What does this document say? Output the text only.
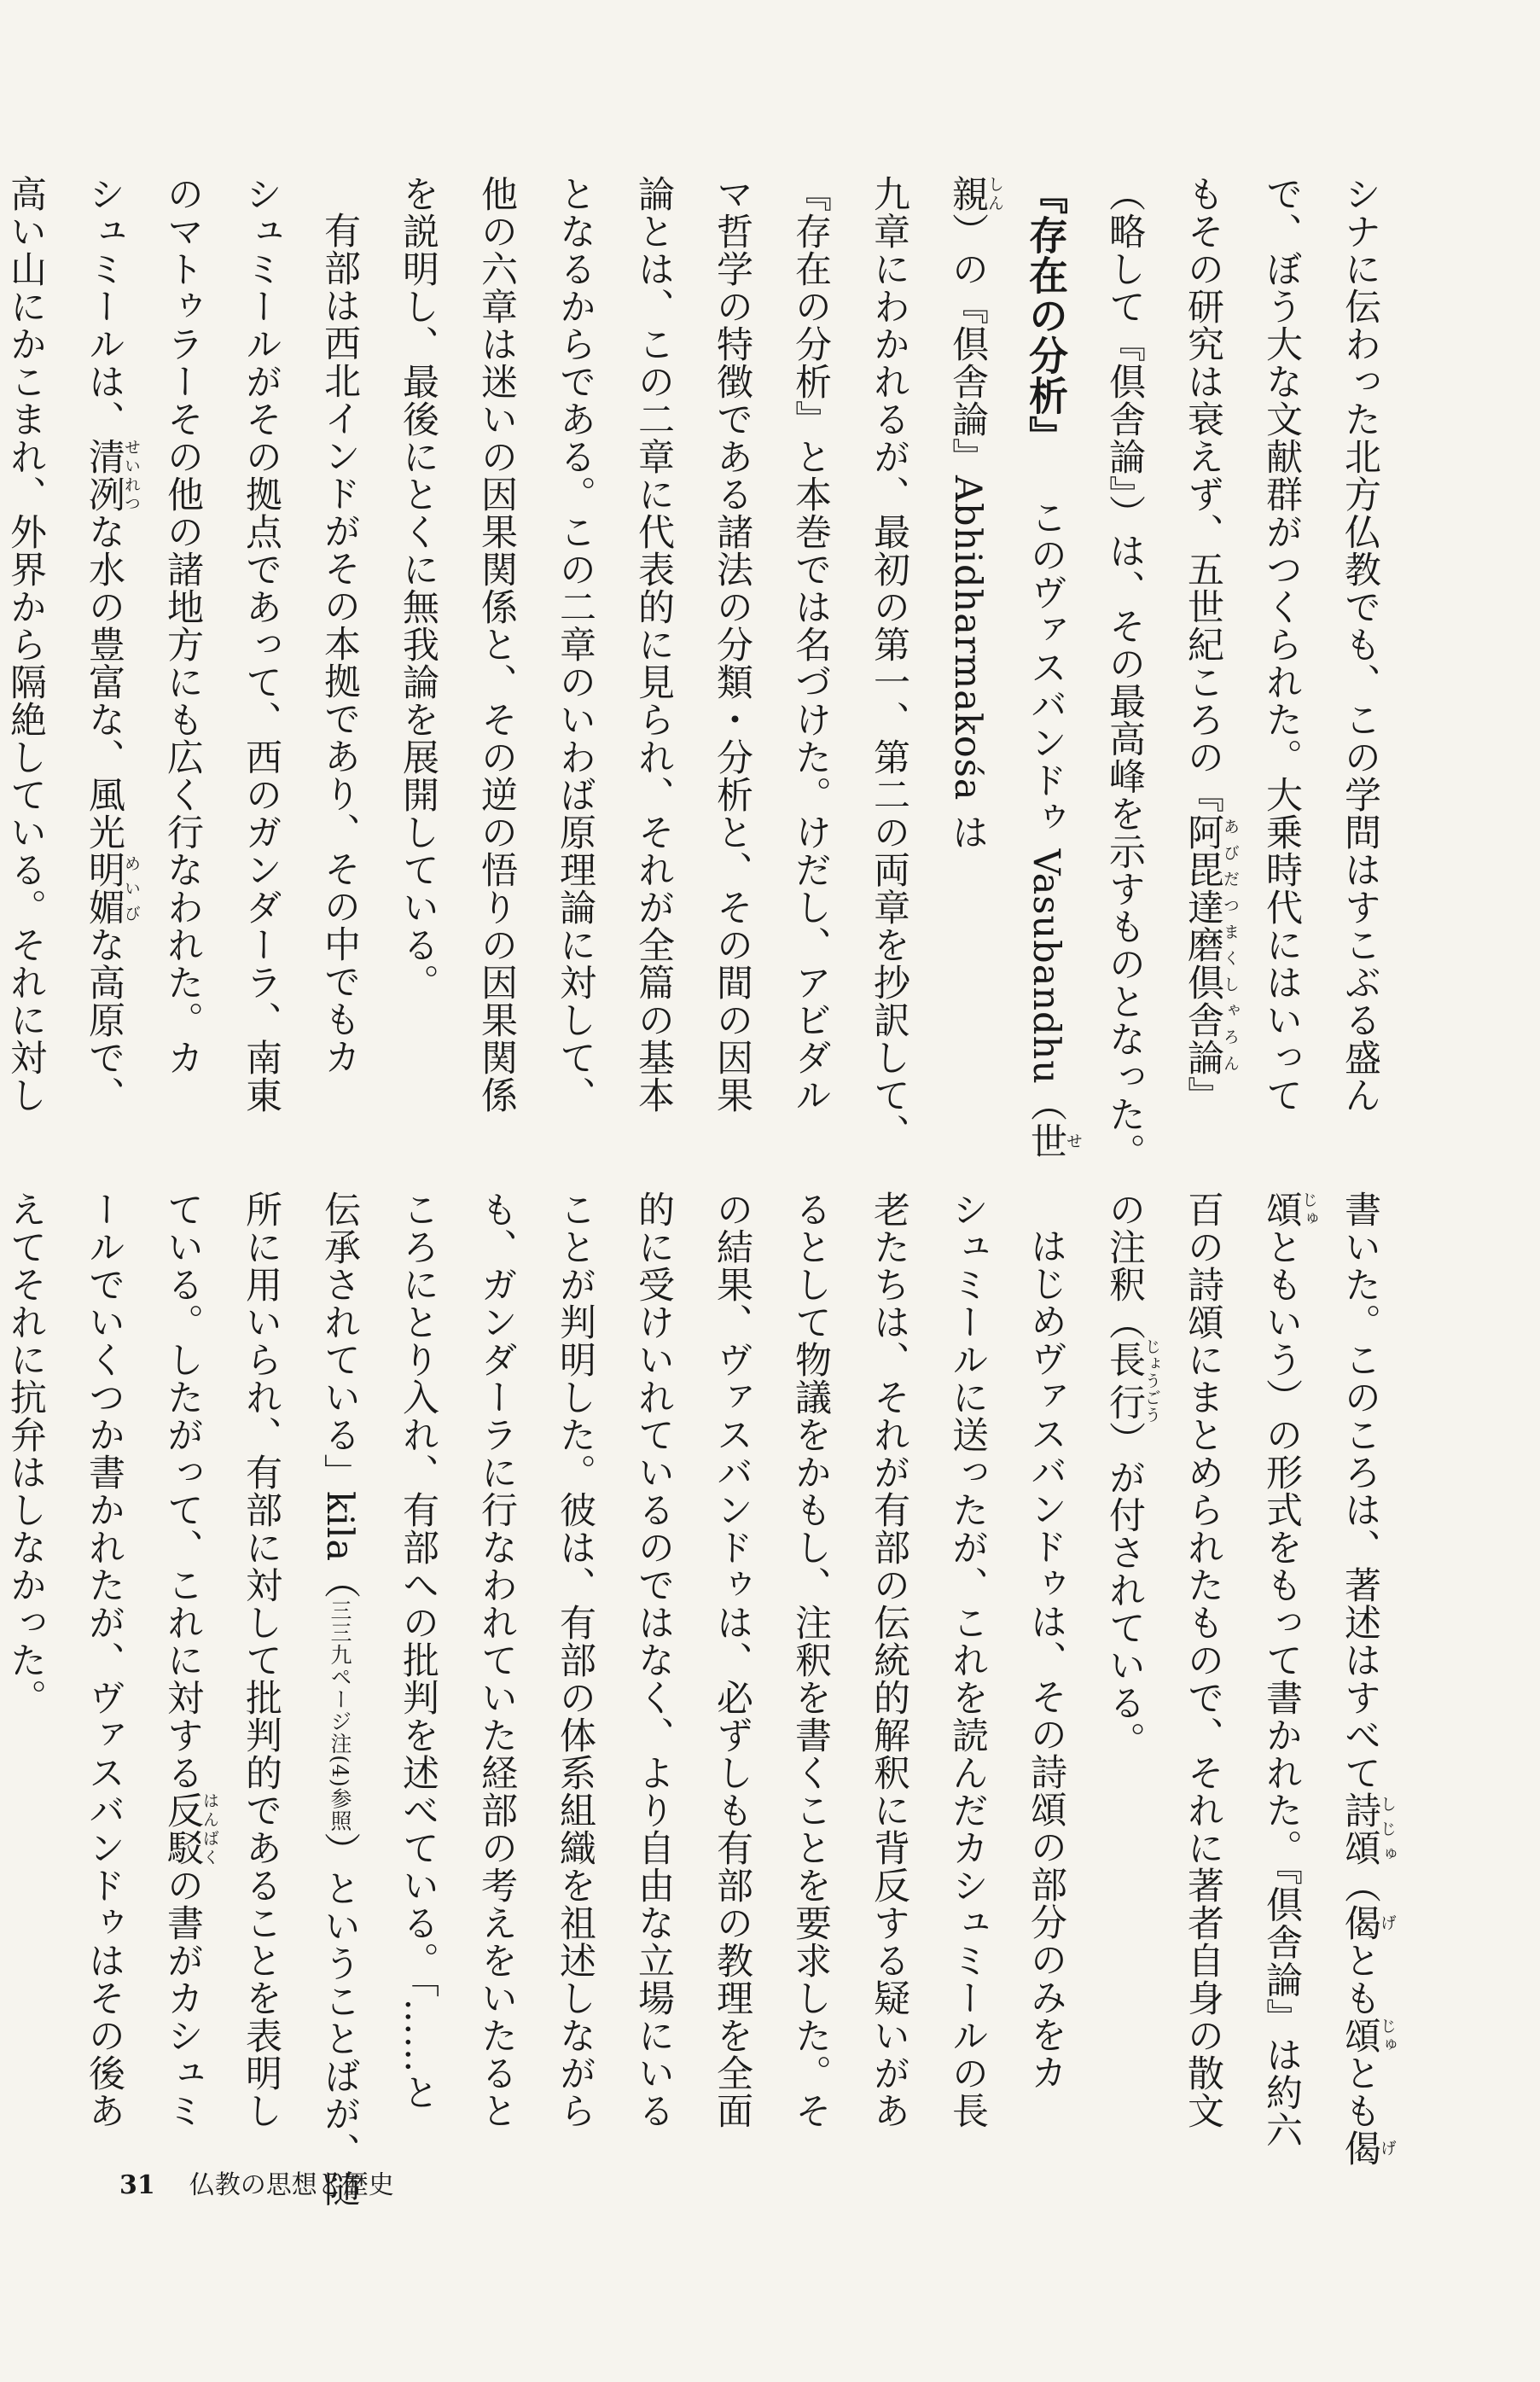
シナに伝わった北方仏教でも、この学問はすこぶる盛ん
で、ぼう大な文献群がつくられた。大乗時代にはいって
もその研究は衰えず、五世紀ころの『阿毘達磨倶舎論あびだつまくしゃろん』
（略して『倶舎論』）は、その最高峰を示すものとなった。
『存在の分析』このヴァスバンドゥ Vasubandhu（世せ
親しん）の『倶舎論』Abhidharmakośa は
九章にわかれるが、最初の第一、第二の両章を抄訳して、
『存在の分析』と本巻では名づけた。けだし、アビダル
マ哲学の特徴である諸法の分類・分析と、その間の因果
論とは、この二章に代表的に見られ、それが全篇の基本
となるからである。この二章のいわば原理論に対して、
他の六章は迷いの因果関係と、その逆の悟りの因果関係
を説明し、最後にとくに無我論を展開している。
有部は西北インドがその本拠であり、その中でもカ
シュミールがその拠点であって、西のガンダーラ、南東
のマトゥラーその他の諸地方にも広く行なわれた。カ
シュミールは、清冽せいれつな水の豊富な、風光明媚めいびな高原で、
高い山にかこまれ、外界から隔絶している。それに対し
書いた。このころは、著述はすべて詩頌しじゅ（偈げとも頌じゅとも偈げ
頌じゅともいう）の形式をもって書かれた。『倶舎論』は約六
百の詩頌にまとめられたもので、それに著者自身の散文
の注釈（長行じょうごう）が付されている。
はじめヴァスバンドゥは、その詩頌の部分のみをカ
シュミールに送ったが、これを読んだカシュミールの長
老たちは、それが有部の伝統的解釈に背反する疑いがあ
るとして物議をかもし、注釈を書くことを要求した。そ
の結果、ヴァスバンドゥは、必ずしも有部の教理を全面
的に受けいれているのではなく、より自由な立場にいる
ことが判明した。彼は、有部の体系組織を祖述しながら
も、ガンダーラに行なわれていた経部の考えをいたると
ころにとり入れ、有部への批判を述べている。「……と
伝承されている」kila（三三九ページ注(4)参照）ということばが、随
所に用いられ、有部に対して批判的であることを表明し
ている。したがって、これに対する反駁はんばくの書がカシュミ
ールでいくつか書かれたが、ヴァスバンドゥはその後あ
えてそれに抗弁はしなかった。
31 仏教の思想と歴史
